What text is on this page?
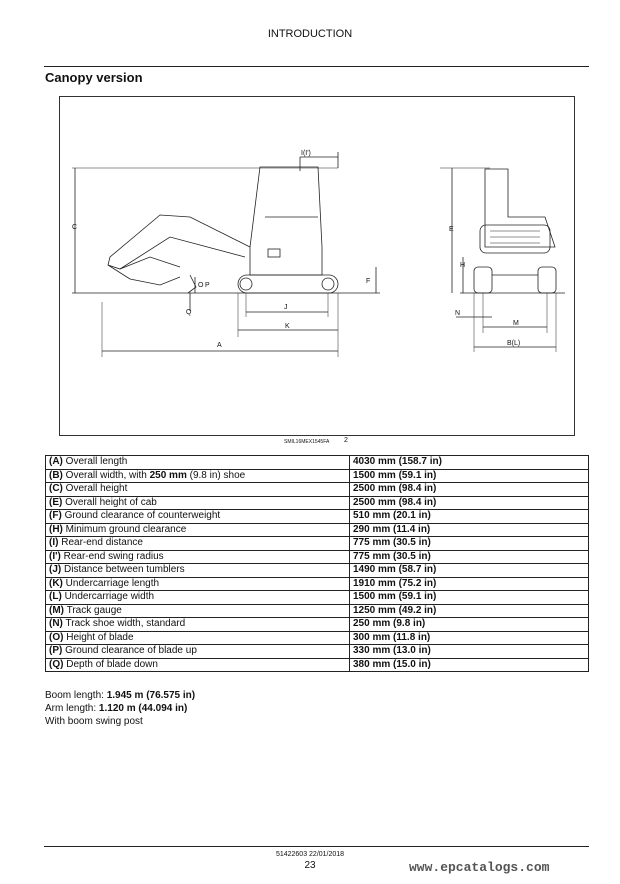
INTRODUCTION
Canopy version
C
A
K
J
I(I')
F
O P
Q
E
H
N
M
B(L)
SMIL16MEX1545FA 2
(A) Overall length	4030 mm (158.7 in)
(B) Overall width, with 250 mm (9.8 in) shoe	1500 mm (59.1 in)
(C) Overall height	2500 mm (98.4 in)
(E) Overall height of cab	2500 mm (98.4 in)
(F) Ground clearance of counterweight	510 mm (20.1 in)
(H) Minimum ground clearance	290 mm (11.4 in)
(I) Rear-end distance	775 mm (30.5 in)
(I') Rear-end swing radius	775 mm (30.5 in)
(J) Distance between tumblers	1490 mm (58.7 in)
(K) Undercarriage length	1910 mm (75.2 in)
(L) Undercarriage width	1500 mm (59.1 in)
(M) Track gauge	1250 mm (49.2 in)
(N) Track shoe width, standard	250 mm (9.8 in)
(O) Height of blade	300 mm (11.8 in)
(P) Ground clearance of blade up	330 mm (13.0 in)
(Q) Depth of blade down	380 mm (15.0 in)
Boom length: 1.945 m (76.575 in)
Arm length: 1.120 m (44.094 in)
With boom swing post
51422603 22/01/2018
23	www.epcatalogs.com
